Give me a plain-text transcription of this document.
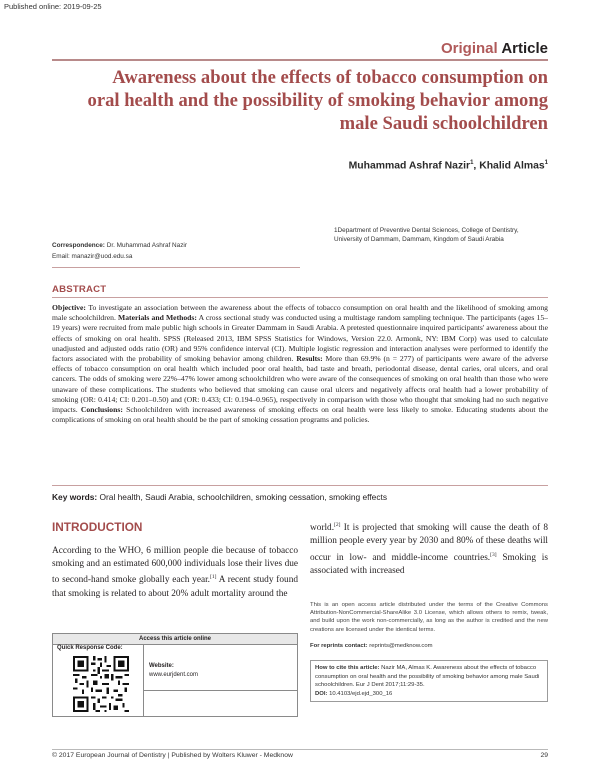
Published online: 2019-09-25
Original Article
Awareness about the effects of tobacco consumption on oral health and the possibility of smoking behavior among male Saudi schoolchildren
Muhammad Ashraf Nazir$^1$, Khalid Almas$^1$
1Department of Preventive Dental Sciences, College of Dentistry, University of Dammam, Dammam, Kingdom of Saudi Arabia
Correspondence: Dr. Muhammad Ashraf Nazir
Email: manazir@uod.edu.sa
ABSTRACT
Objective: To investigate an association between the awareness about the effects of tobacco consumption on oral health and the likelihood of smoking among male schoolchildren. Materials and Methods: A cross sectional study was conducted using a multistage random sampling technique. The participants (ages 15–19 years) were recruited from male public high schools in Greater Dammam in Saudi Arabia. A pretested questionnaire inquired participants' awareness about the effects of smoking on oral health. SPSS (Released 2013, IBM SPSS Statistics for Windows, Version 22.0. Armonk, NY: IBM Corp) was used to calculate unadjusted and adjusted odds ratio (OR) and 95% confidence interval (CI). Multiple logistic regression and interaction analyses were performed to identify the factors associated with the probability of smoking behavior among children. Results: More than 69.9% (n = 277) of participants were aware of the adverse effects of tobacco consumption on oral health which included poor oral health, bad taste and breath, periodontal disease, dental caries, oral ulcers, and oral cancers. The odds of smoking were 22%–47% lower among schoolchildren who were aware of the consequences of smoking on oral health than those who were unaware of these complications. The students who believed that smoking can cause oral ulcers and negatively affects oral health had a lower probability of smoking (OR: 0.414; CI: 0.201–0.50) and (OR: 0.433; CI: 0.194–0.965), respectively in comparison with those who thought that smoking had no such negative impacts. Conclusions: Schoolchildren with increased awareness of smoking effects on oral health were less likely to smoke. Educating students about the complications of smoking on oral health should be the part of smoking cessation programs and policies.
Key words: Oral health, Saudi Arabia, schoolchildren, smoking cessation, smoking effects
INTRODUCTION
According to the WHO, 6 million people die because of tobacco smoking and an estimated 600,000 individuals lose their lives due to second-hand smoke globally each year.[1] A recent study found that smoking is related to about 20% adult mortality around the
world.[2] It is projected that smoking will cause the death of 8 million people every year by 2030 and 80% of these deaths will occur in low- and middle-income countries.[3] Smoking is associated with increased
This is an open access article distributed under the terms of the Creative Commons Attribution-NonCommercial-ShareAlike 3.0 License, which allows others to remix, tweak, and build upon the work non-commercially, as long as the author is credited and the new creations are licensed under the identical terms.
For reprints contact: reprints@medknow.com
How to cite this article: Nazir MA, Almas K. Awareness about the effects of tobacco consumption on oral health and the possibility of smoking behavior among male Saudi schoolchildren. Eur J Dent 2017;11:29-35.
DOI: 10.4103/ejd.ejd_300_16
Access this article online
Quick Response Code:
Website:
www.eurjdent.com
© 2017 European Journal of Dentistry | Published by Wolters Kluwer - Medknow	29
